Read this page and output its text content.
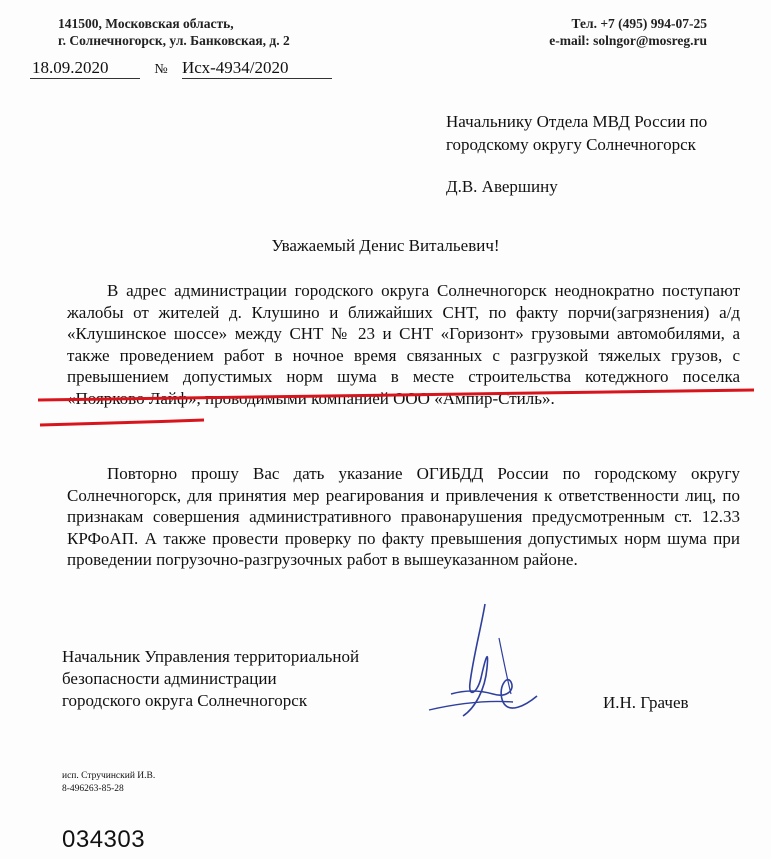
141500, Московская область,
г. Солнечногорск, ул. Банковская, д. 2
Тел. +7 (495) 994-07-25
e-mail: solngor@mosreg.ru
18.09.2020	№ Исх-4934/2020
Начальнику Отдела МВД России по
городскому округу Солнечногорск
Д.В. Авершину
Уважаемый Денис Витальевич!
В адрес администрации городского округа Солнечногорск неоднократно поступают жалобы от жителей д. Клушино и ближайших СНТ, по факту порчи(загрязнения) а/д «Клушинское шоссе» между СНТ № 23 и СНТ «Горизонт» грузовыми автомобилями, а также проведением работ в ночное время связанных с разгрузкой тяжелых грузов, с превышением допустимых норм шума в месте строительства котеджного поселка «Поярково Лайф», проводимыми компанией ООО «Ампир-Стиль».
Повторно прошу Вас дать указание ОГИБДД России по городскому округу Солнечногорск, для принятия мер реагирования и привлечения к ответственности лиц, по признакам совершения административного правонарушения предусмотренным ст. 12.33 КРФоАП. А также провести проверку по факту превышения допустимых норм шума при проведении погрузочно-разгрузочных работ в вышеуказанном районе.
Начальник Управления территориальной
безопасности администрации
городского округа Солнечногорск	И.Н. Грачев
исп. Стручинский И.В.
8-496263-85-28
034303
